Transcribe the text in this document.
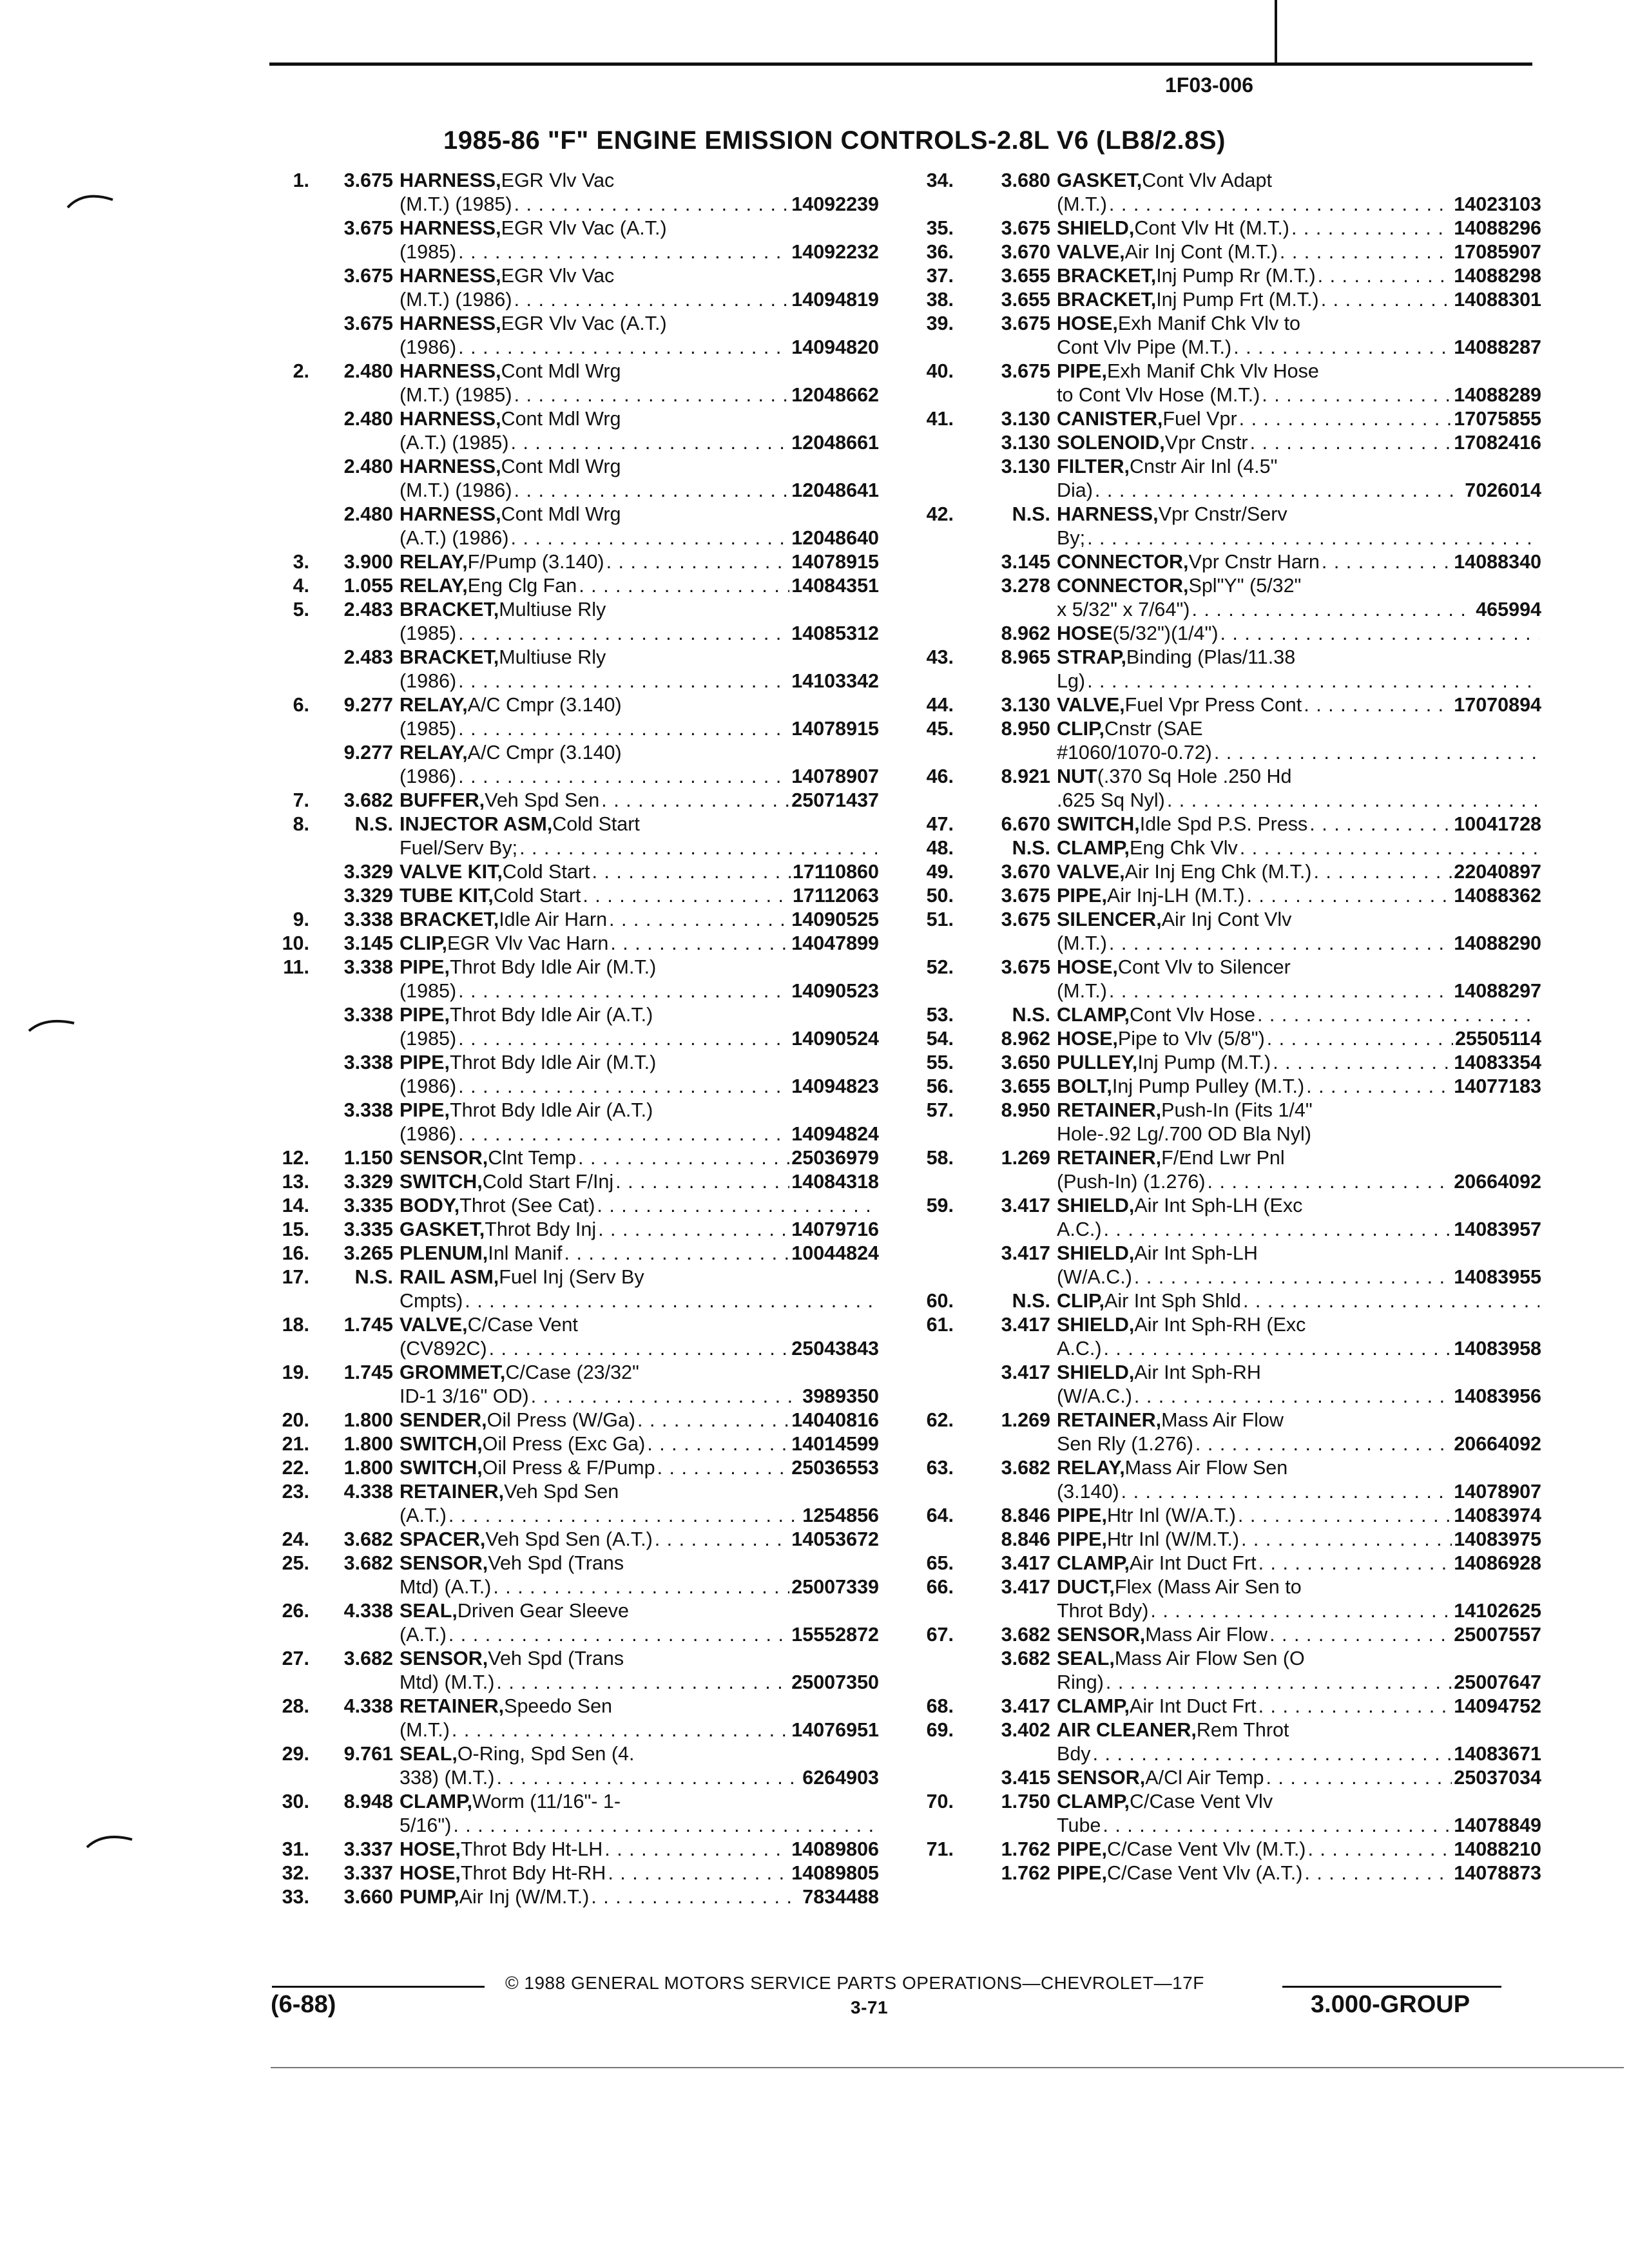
1F03-006
1985-86 "F" ENGINE EMISSION CONTROLS-2.8L V6 (LB8/2.8S)
1.	3.675 HARNESS, EGR Vlv Vac
(M.T.) (1985) . . .	14092239
3.675 HARNESS, EGR Vlv Vac (A.T.)
(1985) . . .	14092232
3.675 HARNESS, EGR Vlv Vac
(M.T.) (1986) . . .	14094819
3.675 HARNESS, EGR Vlv Vac (A.T.)
(1986) . . .	14094820
2.	2.480 HARNESS, Cont Mdl Wrg
(M.T.) (1985) . . .	12048662
2.480 HARNESS, Cont Mdl Wrg
(A.T.) (1985) . . .	12048661
2.480 HARNESS, Cont Mdl Wrg
(M.T.) (1986) . . .	12048641
2.480 HARNESS, Cont Mdl Wrg
(A.T.) (1986) . . .	12048640
3.	3.900 RELAY, F/Pump (3.140) . . .	14078915
4.	1.055 RELAY, Eng Clg Fan . . .	14084351
5.	2.483 BRACKET, Multiuse Rly
(1985) . . .	14085312
2.483 BRACKET, Multiuse Rly
(1986) . . .	14103342
6.	9.277 RELAY, A/C Cmpr (3.140)
(1985) . . .	14078915
9.277 RELAY, A/C Cmpr (3.140)
(1986) . . .	14078907
7.	3.682 BUFFER, Veh Spd Sen . . .	25071437
8.	N.S. INJECTOR ASM, Cold Start
Fuel/Serv By;
. . .
3.329 VALVE KIT, Cold Start . . .	17110860
3.329 TUBE KIT, Cold Start . . .	17112063
9.	3.338 BRACKET, Idle Air Harn . . .	14090525
10.	3.145 CLIP, EGR Vlv Vac Harn . . .	14047899
11.	3.338 PIPE, Throt Bdy Idle Air (M.T.)
(1985) . . .	14090523
3.338 PIPE, Throt Bdy Idle Air (A.T.)
(1985) . . .	14090524
3.338 PIPE, Throt Bdy Idle Air (M.T.)
(1986) . . .	14094823
3.338 PIPE, Throt Bdy Idle Air (A.T.)
(1986) . . .	14094824
12.	1.150 SENSOR, Clnt Temp . . .	25036979
13.	3.329 SWITCH, Cold Start F/Inj . . .	14084318
14.	3.335 BODY, Throt (See Cat)
. . .
15.	3.335 GASKET, Throt Bdy Inj . . .	14079716
16.	3.265 PLENUM, Inl Manif . . .	10044824
17.	N.S. RAIL ASM, Fuel Inj (Serv By
Cmpts)
. . .
18.	1.745 VALVE, C/Case Vent
(CV892C) . . .	25043843
19.	1.745 GROMMET, C/Case (23/32"
ID-1 3/16" OD) . . .	3989350
20.	1.800 SENDER, Oil Press (W/Ga) . . .	14040816
21.	1.800 SWITCH, Oil Press (Exc Ga) . . .	14014599
22.	1.800 SWITCH, Oil Press & F/Pump . . .	25036553
23.	4.338 RETAINER, Veh Spd Sen
(A.T.) . . .	1254856
24.	3.682 SPACER, Veh Spd Sen (A.T.) . . .	14053672
25.	3.682 SENSOR, Veh Spd (Trans
Mtd) (A.T.) . . .	25007339
26.	4.338 SEAL, Driven Gear Sleeve
(A.T.) . . .	15552872
27.	3.682 SENSOR, Veh Spd (Trans
Mtd) (M.T.) . . .	25007350
28.	4.338 RETAINER, Speedo Sen
(M.T.) . . .	14076951
29.	9.761 SEAL, O-Ring, Spd Sen (4.
338) (M.T.) . . .	6264903
30.	8.948 CLAMP, Worm (11/16"- 1-
5/16")
. . .
31.	3.337 HOSE, Throt Bdy Ht-LH . . .	14089806
32.	3.337 HOSE, Throt Bdy Ht-RH . . .	14089805
33.	3.660 PUMP, Air Inj (W/M.T.) . . .	7834488
34.	3.680 GASKET, Cont Vlv Adapt
(M.T.) . . .	14023103
35.	3.675 SHIELD, Cont Vlv Ht (M.T.) . . .	14088296
36.	3.670 VALVE, Air Inj Cont (M.T.) . . .	17085907
37.	3.655 BRACKET, Inj Pump Rr (M.T.) . . .	14088298
38.	3.655 BRACKET, Inj Pump Frt (M.T.) . . .	14088301
39.	3.675 HOSE, Exh Manif Chk Vlv to
Cont Vlv Pipe (M.T.) . . .	14088287
40.	3.675 PIPE, Exh Manif Chk Vlv Hose
to Cont Vlv Hose (M.T.) . . .	14088289
41.	3.130 CANISTER, Fuel Vpr . . .	17075855
3.130 SOLENOID, Vpr Cnstr . . .	17082416
3.130 FILTER, Cnstr Air Inl (4.5"
Dia) . . .	7026014
42.	N.S. HARNESS, Vpr Cnstr/Serv
By;
. . .
3.145 CONNECTOR, Vpr Cnstr Harn . . .	14088340
3.278 CONNECTOR, Spl"Y" (5/32"
x 5/32" x 7/64") . . .	465994
8.962 HOSE (5/32")(1/4")
. . .
43.	8.965 STRAP, Binding (Plas/11.38
Lg)
. . .
44.	3.130 VALVE, Fuel Vpr Press Cont . . .	17070894
45.	8.950 CLIP, Cnstr (SAE
#1060/1070-0.72)
. . .
46.	8.921 NUT (.370 Sq Hole .250 Hd
.625 Sq Nyl)
. . .
47.	6.670 SWITCH, Idle Spd P.S. Press . . .	10041728
48.	N.S. CLAMP, Eng Chk Vlv
. . .
49.	3.670 VALVE, Air Inj Eng Chk (M.T.) . . .	22040897
50.	3.675 PIPE, Air Inj-LH (M.T.) . . .	14088362
51.	3.675 SILENCER, Air Inj Cont Vlv
(M.T.) . . .	14088290
52.	3.675 HOSE, Cont Vlv to Silencer
(M.T.) . . .	14088297
53.	N.S. CLAMP, Cont Vlv Hose
. . .
54.	8.962 HOSE, Pipe to Vlv (5/8") . . .	25505114
55.	3.650 PULLEY, Inj Pump (M.T.) . . .	14083354
56.	3.655 BOLT, Inj Pump Pulley (M.T.) . . .	14077183
57.	8.950 RETAINER, Push-In (Fits 1/4"
Hole-.92 Lg/.700 OD Bla Nyl)
58.	1.269 RETAINER, F/End Lwr Pnl
(Push-In) (1.276) . . .	20664092
59.	3.417 SHIELD, Air Int Sph-LH (Exc
A.C.) . . .	14083957
3.417 SHIELD, Air Int Sph-LH
(W/A.C.) . . .	14083955
60.	N.S. CLIP, Air Int Sph Shld
. . .
61.	3.417 SHIELD, Air Int Sph-RH (Exc
A.C.) . . .	14083958
3.417 SHIELD, Air Int Sph-RH
(W/A.C.) . . .	14083956
62.	1.269 RETAINER, Mass Air Flow
Sen Rly (1.276) . . .	20664092
63.	3.682 RELAY, Mass Air Flow Sen
(3.140) . . .	14078907
64.	8.846 PIPE, Htr Inl (W/A.T.) . . .	14083974
8.846 PIPE, Htr Inl (W/M.T.) . . .	14083975
65.	3.417 CLAMP, Air Int Duct Frt . . .	14086928
66.	3.417 DUCT, Flex (Mass Air Sen to
Throt Bdy) . . .	14102625
67.	3.682 SENSOR, Mass Air Flow . . .	25007557
3.682 SEAL, Mass Air Flow Sen (O
Ring) . . .	25007647
68.	3.417 CLAMP, Air Int Duct Frt . . .	14094752
69.	3.402 AIR CLEANER, Rem Throt
Bdy . . .	14083671
3.415 SENSOR, A/Cl Air Temp . . .	25037034
70.	1.750 CLAMP, C/Case Vent Vlv
Tube . . .	14078849
71.	1.762 PIPE, C/Case Vent Vlv (M.T.) . . .	14088210
1.762 PIPE, C/Case Vent Vlv (A.T.) . . .	14078873
© 1988 GENERAL MOTORS SERVICE PARTS OPERATIONS—CHEVROLET—17F
(6-88)	3-71	3.000-GROUP
